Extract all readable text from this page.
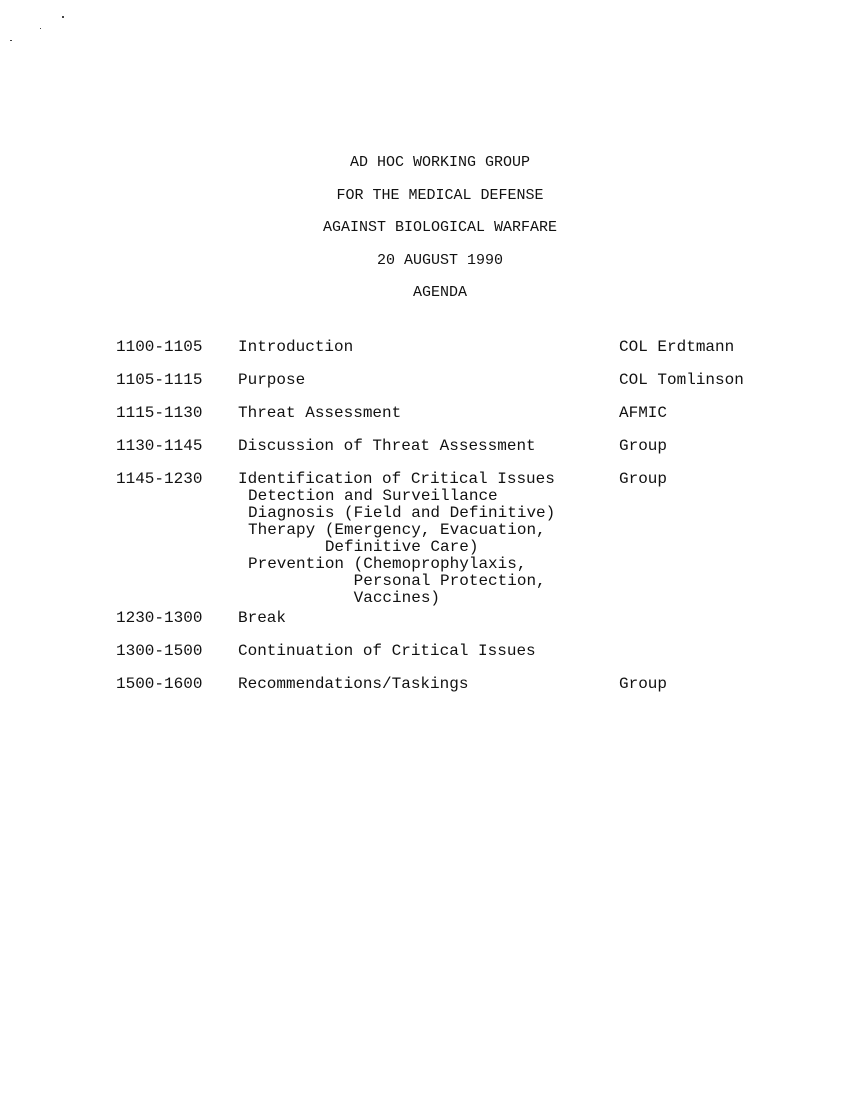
AD HOC WORKING GROUP
FOR THE MEDICAL DEFENSE
AGAINST BIOLOGICAL WARFARE
20 AUGUST 1990
AGENDA
1100-1105 Introduction	COL Erdtmann
1105-1115 Purpose	COL Tomlinson
1115-1130 Threat Assessment	AFMIC
1130-1145 Discussion of Threat Assessment	Group
1145-1230 Identification of Critical Issues	Group
Detection and Surveillance
Diagnosis (Field and Definitive)
Therapy (Emergency, Evacuation,
Definitive Care)
Prevention (Chemoprophylaxis,
Personal Protection,
Vaccines)
1230-1300 Break
1300-1500 Continuation of Critical Issues
1500-1600 Recommendations/Taskings	Group
